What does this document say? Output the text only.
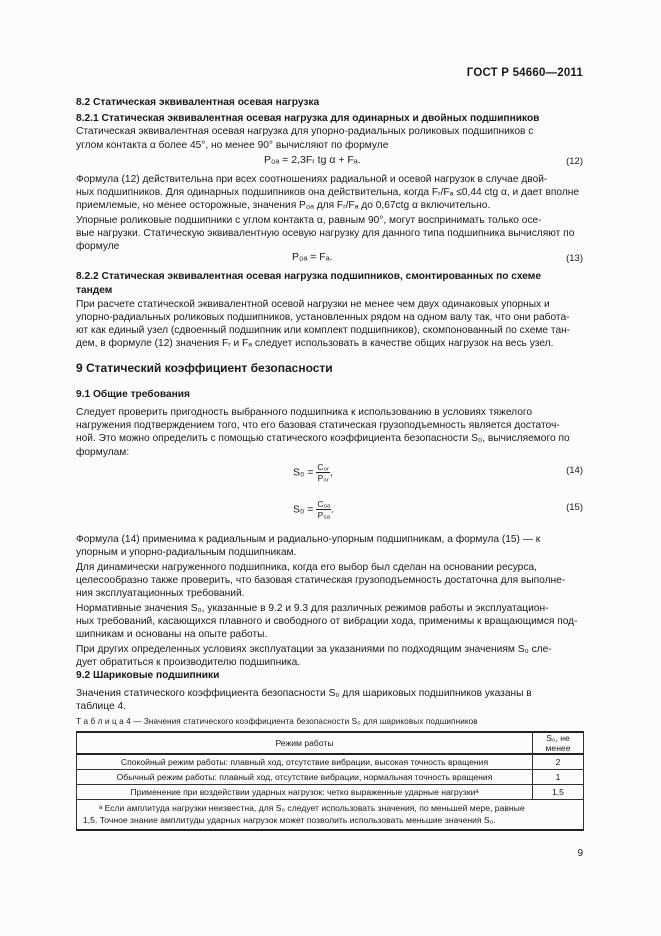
ГОСТ Р 54660—2011

8.2 Статическая эквивалентная осевая нагрузка

8.2.1 Статическая эквивалентная осевая нагрузка для одинарных и двойных подшипников

Статическая эквивалентная осевая нагрузка для упорно-радиальных роликовых подшипников с

углом контакта α более 45°, но менее 90° вычисляют по формуле

P₀ₐ = 2,3Fᵣ tg α + Fₐ.	(12)

Формула (12) действительна при всех соотношениях радиальной и осевой нагрузок в случае двой-

ных подшипников. Для одинарных подшипников она действительна, когда Fᵣ/Fₐ ≤0,44 ctg α, и дает вполне

приемлемые, но менее осторожные, значения P₀ₐ для Fᵣ/Fₐ до 0,67ctg α включительно.

Упорные роликовые подшипники с углом контакта α, равным 90°, могут воспринимать только осе-

вые нагрузки. Статическую эквивалентную осевую нагрузку для данного типа подшипника вычисляют по

формуле

P₀ₐ = Fₐ.	(13)

8.2.2 Статическая эквивалентная осевая нагрузка подшипников, смонтированных по схеме

тандем

При расчете статической эквивалентной осевой нагрузки не менее чем двух одинаковых упорных и

упорно-радиальных роликовых подшипников, установленных рядом на одном валу так, что они работа-

ют как единый узел (сдвоенный подшипник или комплект подшипников), скомпонованный по схеме тан-

дем, в формуле (12) значения Fᵣ и Fₐ следует использовать в качестве общих нагрузок на весь узел.

9 Статический коэффициент безопасности
9.1 Общие требования

Следует проверить пригодность выбранного подшипника к использованию в условиях тяжелого

нагружения подтверждением того, что его базовая статическая грузоподъемность является достаточ-

ной. Это можно определить с помощью статического коэффициента безопасности S₀, вычисляемого по

формулам:

$S_0 = \frac{\text{C₀ᵣ}}{\text{P₀ᵣ}}$ ,	(14)
$S_0 = \frac{\text{C₀ₐ}}{\text{P₀ₐ}}$ .	(15)

Формула (14) применима к радиальным и радиально-упорным подшипникам, а формула (15) — к

упорным и упорно-радиальным подшипникам.

Для динамически нагруженного подшипника, когда его выбор был сделан на основании ресурса,

целесообразно также проверить, что базовая статическая грузоподъемность достаточна для выполне-

ния эксплуатационных требований.

Нормативные значения S₀, указанные в 9.2 и 9.3 для различных режимов работы и эксплуатацион-

ных требований, касающихся плавного и свободного от вибрации хода, применимы к вращающимся под-

шипникам и основаны на опыте работы.

При других определенных условиях эксплуатации за указаниями по подходящим значениям S₀ сле-

дует обратиться к производителю подшипника.

9.2 Шариковые подшипники

Значения статического коэффициента безопасности S₀ для шариковых подшипников указаны в

таблице 4.

Т а б л и ц а 4 — Значения статического коэффициента безопасности S₀ для шариковых подшипников
Режим работы	S₀, не менее
Спокойный режим работы: плавный ход, отсутствие вибрации, высокая точность вращения	2
Обычный режим работы: плавный ход, отсутствие вибрации, нормальная точность вращения	1
Применение при воздействии ударных нагрузок: четко выраженные ударные нагрузкиᵃ	1,5

ᵃ Если амплитуда нагрузки неизвестна, для S₀ следует использовать значения, по меньшей мере, равные
1,5. Точное знание амплитуды ударных нагрузок может позволить использовать меньшие значения S₀.	
9
